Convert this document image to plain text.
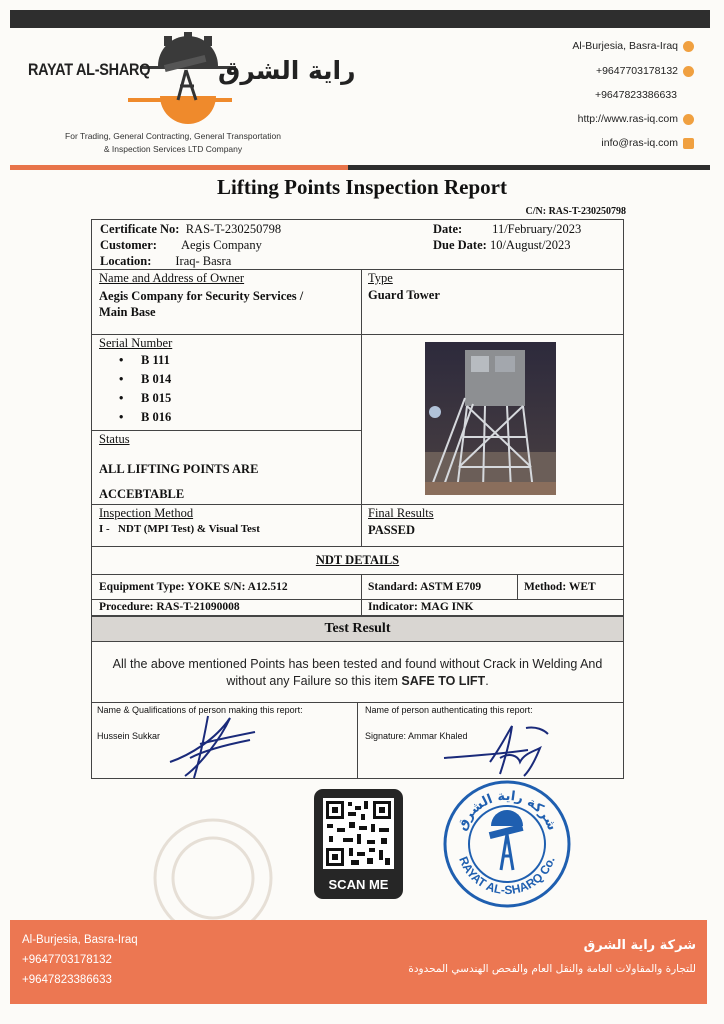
RAYAT AL-SHARQ	راية الشرق
For Trading, General Contracting, General Transportation
& Inspection Services LTD Company
Al-Burjesia, Basra-Iraq
+9647703178132
+9647823386633
http://www.ras-iq.com
info@ras-iq.com
Lifting Points Inspection Report
C/N: RAS-T-230250798
Certificate No: RAS-T-230250798
Customer: Aegis Company
Location: Iraq- Basra
Date: 11/February/2023
Due Date: 10/August/2023
Name and Address of Owner
Aegis Company for Security Services /
Main Base
Type
Guard Tower
Serial Number
• B 111
• B 014
• B 015
• B 016
Status
ALL LIFTING POINTS ARE
ACCEBTABLE
Inspection Method
I - NDT (MPI Test) & Visual Test
Final Results
PASSED
NDT DETAILS
Equipment Type: YOKE S/N: A12.512	Standard: ASTM E709	Method: WET
Procedure: RAS-T-21090008	Indicator: MAG INK
Test Result
All the above mentioned Points has been tested and found without Crack in Welding And
without any Failure so this item SAFE TO LIFT.
Name & Qualifications of person making this report:
Hussein Sukkar
Name of person authenticating this report:
Signature: Ammar Khaled
SCAN ME
شركة راية الشرق
RAYAT AL-SHARQ Co.
Al-Burjesia, Basra-Iraq
+9647703178132
+9647823386633
شركة راية الشرق
للتجارة والمقاولات العامة والنقل العام والفحص الهندسي المحدودة
